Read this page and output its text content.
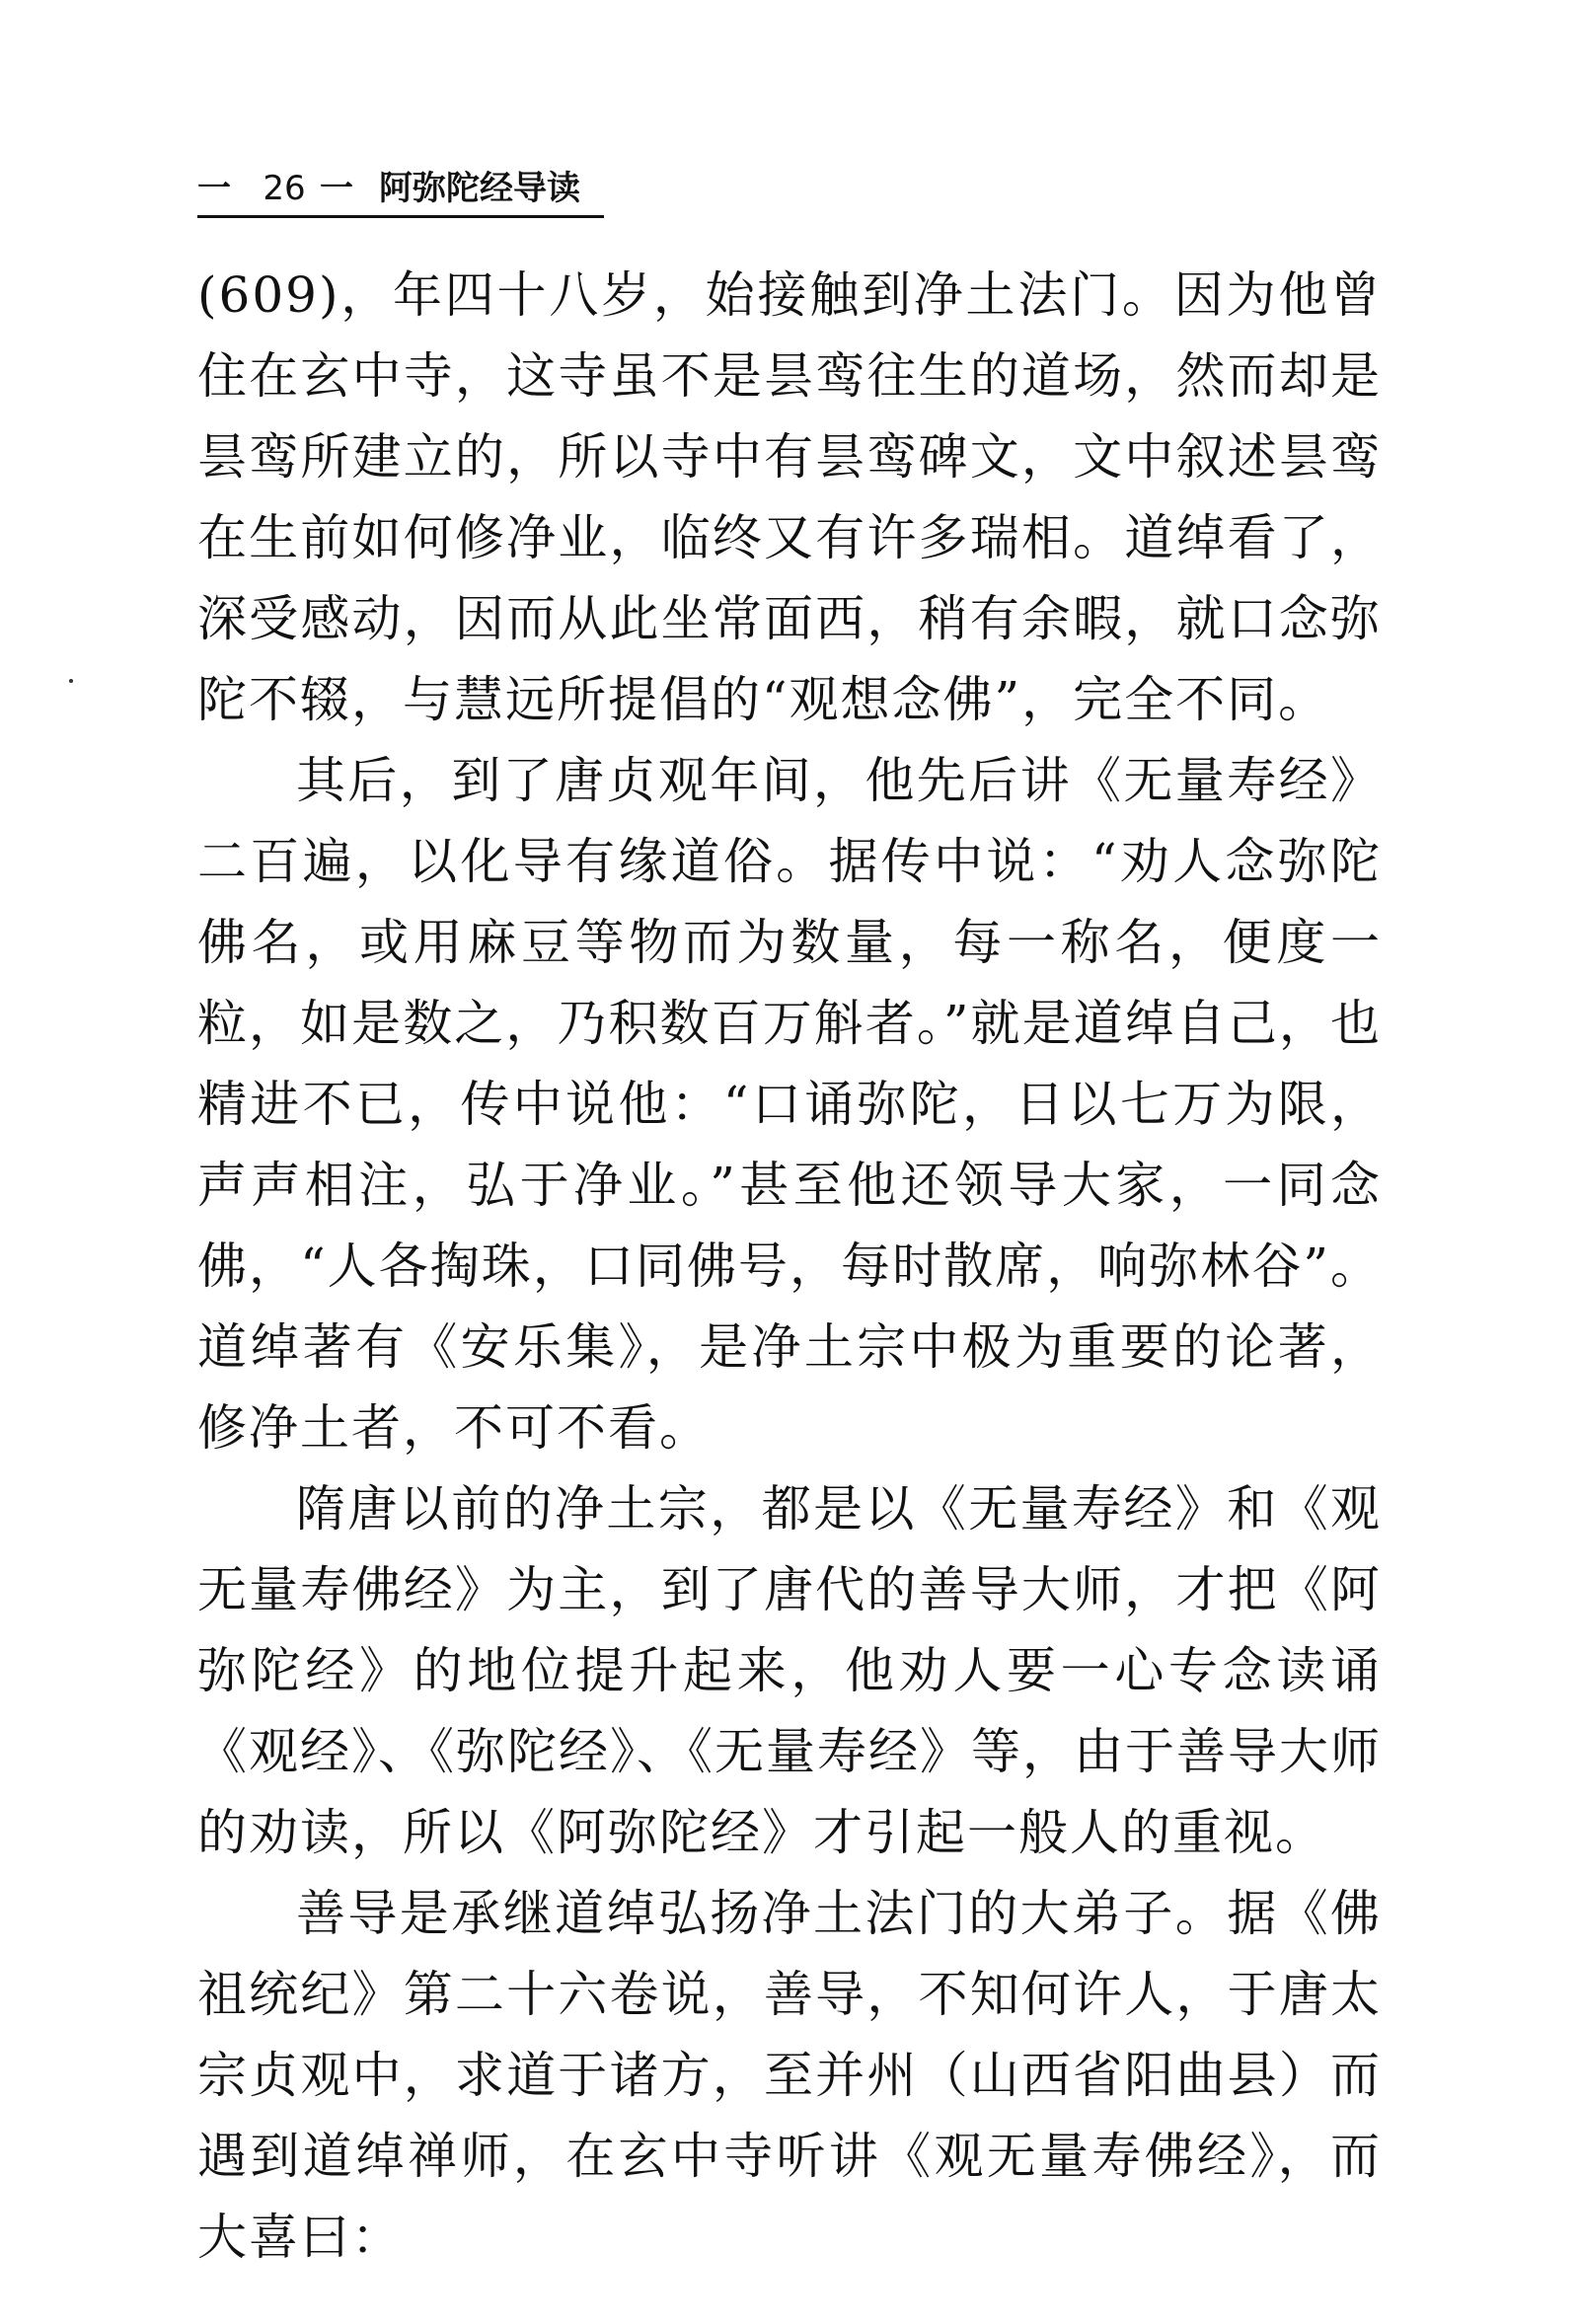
一 26 一 阿弥陀经导读

(609)，年四十八岁，始接触到净土法门。因为他曾住在玄中寺，这寺虽不是昙鸾往生的道场，然而却是昙鸾所建立的，所以寺中有昙鸾碑文，文中叙述昙鸾在生前如何修净业，临终又有许多瑞相。道绰看了，深受感动，因而从此坐常面西，稍有余暇，就口念弥陀不辍，与慧远所提倡的“观想念佛”，完全不同。

其后，到了唐贞观年间，他先后讲《无量寿经》二百遍，以化导有缘道俗。据传中说：“劝人念弥陀佛名，或用麻豆等物而为数量，每一称名，便度一粒，如是数之，乃积数百万斛者。”就是道绰自己，也精进不已，传中说他：“口诵弥陀，日以七万为限，声声相注，弘于净业。”甚至他还领导大家，一同念佛，“人各掏珠，口同佛号，每时散席，响弥林谷”。道绰著有《安乐集》，是净土宗中极为重要的论著，修净土者，不可不看。

隋唐以前的净土宗，都是以《无量寿经》和《观无量寿佛经》为主，到了唐代的善导大师，才把《阿弥陀经》的地位提升起来，他劝人要一心专念读诵《观经》、《弥陀经》、《无量寿经》等，由于善导大师的劝读，所以《阿弥陀经》才引起一般人的重视。

善导是承继道绰弘扬净土法门的大弟子。据《佛祖统纪》第二十六卷说，善导，不知何许人，于唐太宗贞观中，求道于诸方，至并州（山西省阳曲县）而遇到道绰禅师，在玄中寺听讲《观无量寿佛经》，而大喜曰：
